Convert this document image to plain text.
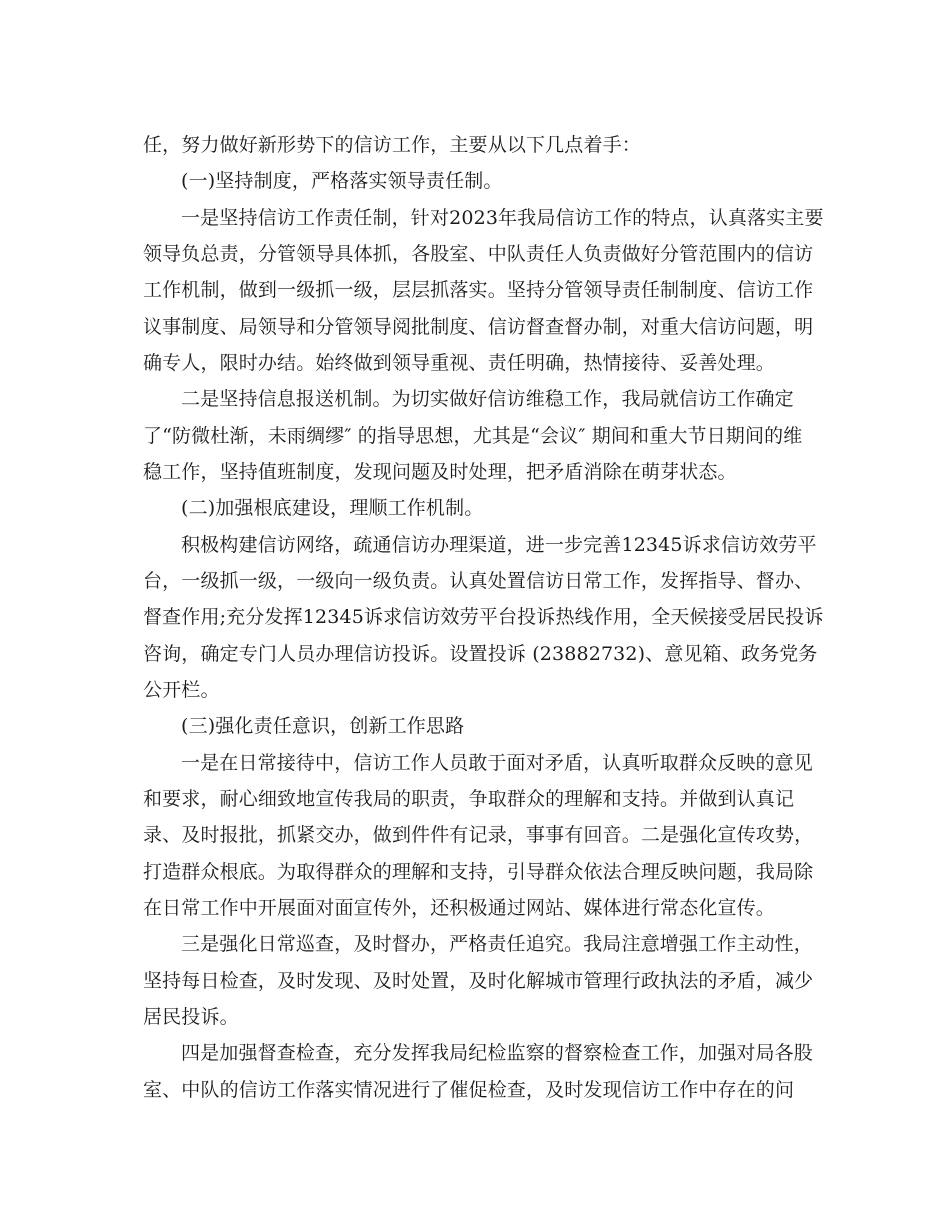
任，努力做好新形势下的信访工作，主要从以下几点着手：
(一)坚持制度，严格落实领导责任制。
一是坚持信访工作责任制，针对2023年我局信访工作的特点，认真落实主要
领导负总责，分管领导具体抓，各股室、中队责任人负责做好分管范围内的信访
工作机制，做到一级抓一级，层层抓落实。坚持分管领导责任制制度、信访工作
议事制度、局领导和分管领导阅批制度、信访督查督办制，对重大信访问题，明
确专人，限时办结。始终做到领导重视、责任明确，热情接待、妥善处理。
二是坚持信息报送机制。为切实做好信访维稳工作，我局就信访工作确定
了“防微杜渐，未雨绸缪″ 的指导思想，尤其是“会议″ 期间和重大节日期间的维
稳工作，坚持值班制度，发现问题及时处理，把矛盾消除在萌芽状态。
(二)加强根底建设，理顺工作机制。
积极构建信访网络，疏通信访办理渠道，进一步完善12345诉求信访效劳平
台，一级抓一级，一级向一级负责。认真处置信访日常工作，发挥指导、督办、
督查作用;充分发挥12345诉求信访效劳平台投诉热线作用，全天候接受居民投诉
咨询，确定专门人员办理信访投诉。设置投诉 (23882732)、意见箱、政务党务
公开栏。
(三)强化责任意识，创新工作思路
一是在日常接待中，信访工作人员敢于面对矛盾，认真听取群众反映的意见
和要求，耐心细致地宣传我局的职责，争取群众的理解和支持。并做到认真记
录、及时报批，抓紧交办，做到件件有记录，事事有回音。二是强化宣传攻势，
打造群众根底。为取得群众的理解和支持，引导群众依法合理反映问题，我局除
在日常工作中开展面对面宣传外，还积极通过网站、媒体进行常态化宣传。
三是强化日常巡查，及时督办，严格责任追究。我局注意增强工作主动性，
坚持每日检查，及时发现、及时处置，及时化解城市管理行政执法的矛盾，减少
居民投诉。
四是加强督查检查，充分发挥我局纪检监察的督察检查工作，加强对局各股
室、中队的信访工作落实情况进行了催促检查，及时发现信访工作中存在的问
